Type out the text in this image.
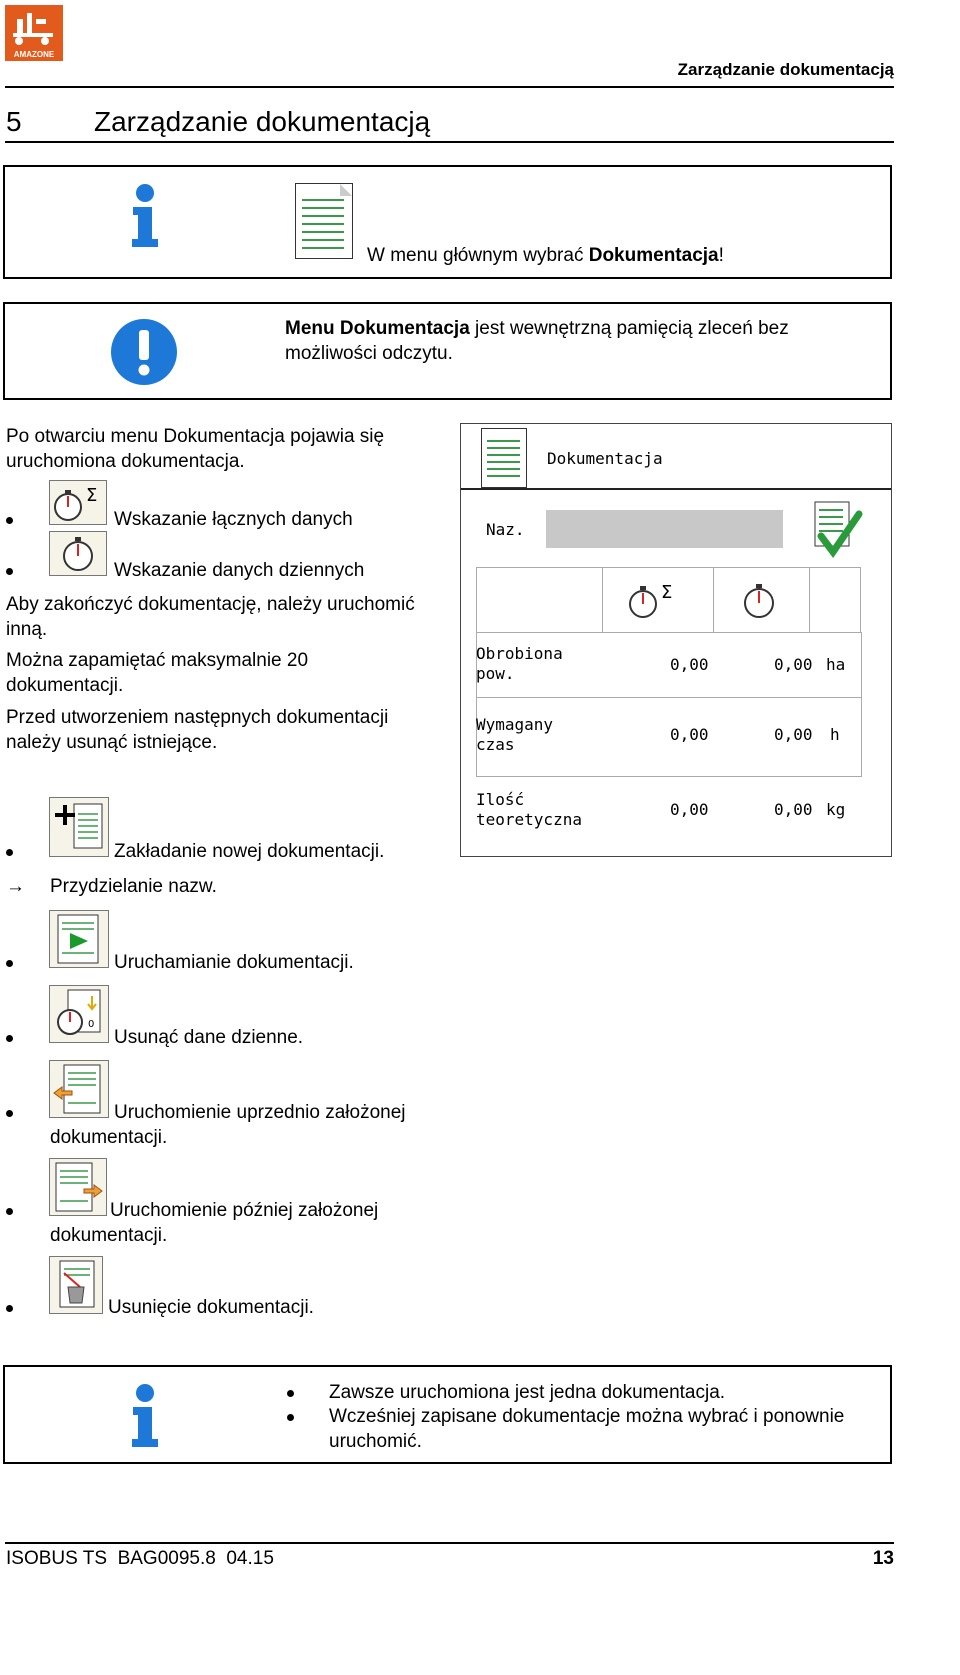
AMAZONE
Zarządzanie dokumentacją
5	Zarządzanie dokumentacją
W menu głównym wybrać Dokumentacja!
Menu Dokumentacja jest wewnętrzną pamięcią zleceń bez
możliwości odczytu.
Po otwarciu menu Dokumentacja pojawia się
uruchomiona dokumentacja.
Σ
Wskazanie łącznych danych
Wskazanie danych dziennych
Aby zakończyć dokumentację, należy uruchomić
inną.
Można zapamiętać maksymalnie 20
dokumentacji.
Przed utworzeniem następnych dokumentacji
należy usunąć istniejące.
Dokumentacja
Naz.
Σ
Obrobiona
pow.	0,00	0,00 ha
Wymagany
czas
0,00	0,00 h
Ilość
teoretyczna
0,00	0,00 kg
Zakładanie nowej dokumentacji.
→ Przydzielanie nazw.
Uruchamianie dokumentacji.
0
Usunąć dane dzienne.
Uruchomienie uprzednio założonej
dokumentacji.
Uruchomienie później założonej
dokumentacji.
Usunięcie dokumentacji.
Zawsze uruchomiona jest jedna dokumentacja.
Wcześniej zapisane dokumentacje można wybrać i ponownie
uruchomić.
ISOBUS TS  BAG0095.8  04.15	13
